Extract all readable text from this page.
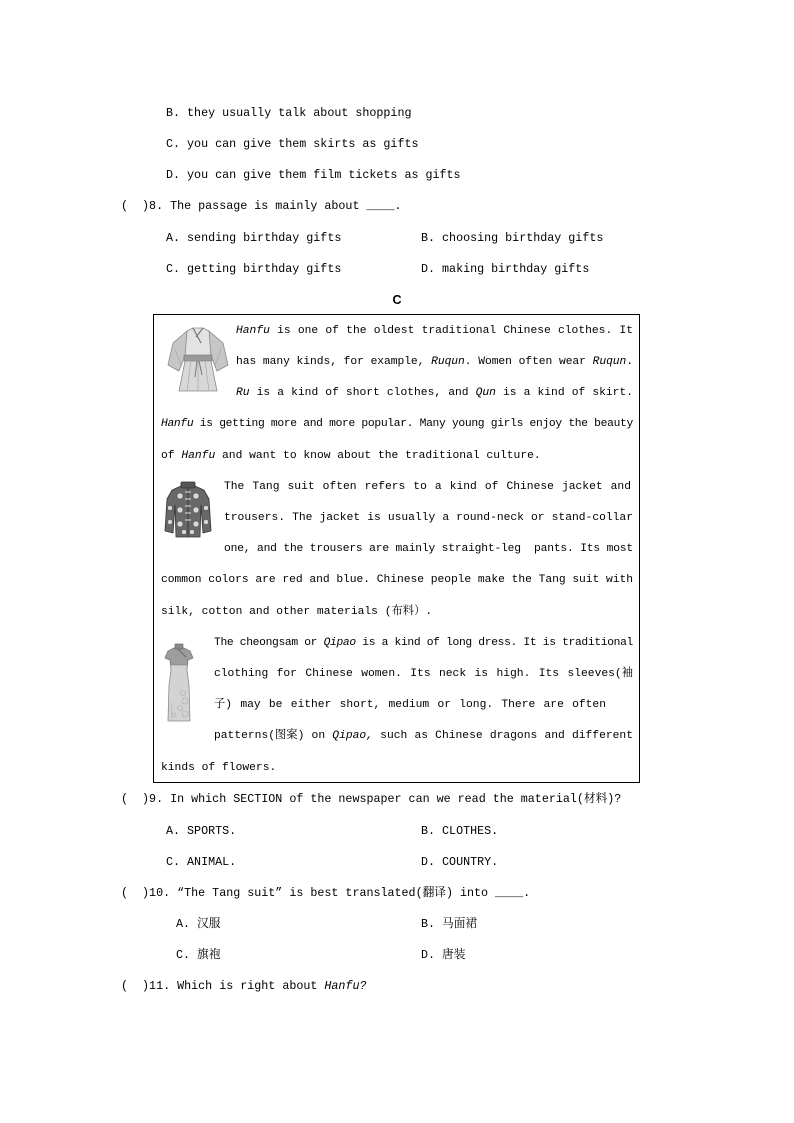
B. they usually talk about shopping
C. you can give them skirts as gifts
D. you can give them film tickets as gifts
(  )8. The passage is mainly about ____.
A. sending birthday gifts	B. choosing birthday gifts
C. getting birthday gifts	D. making birthday gifts
C
Hanfu is one of the oldest traditional Chinese clothes. It
has many kinds, for example, Ruqun. Women often wear Ruqun.
Ru is a kind of short clothes, and Qun is a kind of skirt.
Hanfu is getting more and more popular. Many young girls enjoy the beauty
of Hanfu and want to know about the traditional culture.
The Tang suit often refers to a kind of Chinese jacket and
trousers. The jacket is usually a round-neck or stand-collar
one, and the trousers are mainly straight-leg  pants. Its most
common colors are red and blue. Chinese people make the Tang suit with
silk, cotton and other materials (布料）.
The cheongsam or Qipao is a kind of long dress. It is traditional
clothing for Chinese women. Its neck is high. Its sleeves(袖
子) may be either short, medium or long. There are often
patterns(图案) on Qipao, such as Chinese dragons and different
kinds of flowers.
(  )9. In which SECTION of the newspaper can we read the material(材料)?
A. SPORTS.	B. CLOTHES.
C. ANIMAL.	D. COUNTRY.
(  )10. “The Tang suit” is best translated(翻译) into ____.
A. 汉服	B. 马面裙
C. 旗袍	D. 唐装
(  )11. Which is right about Hanfu?
